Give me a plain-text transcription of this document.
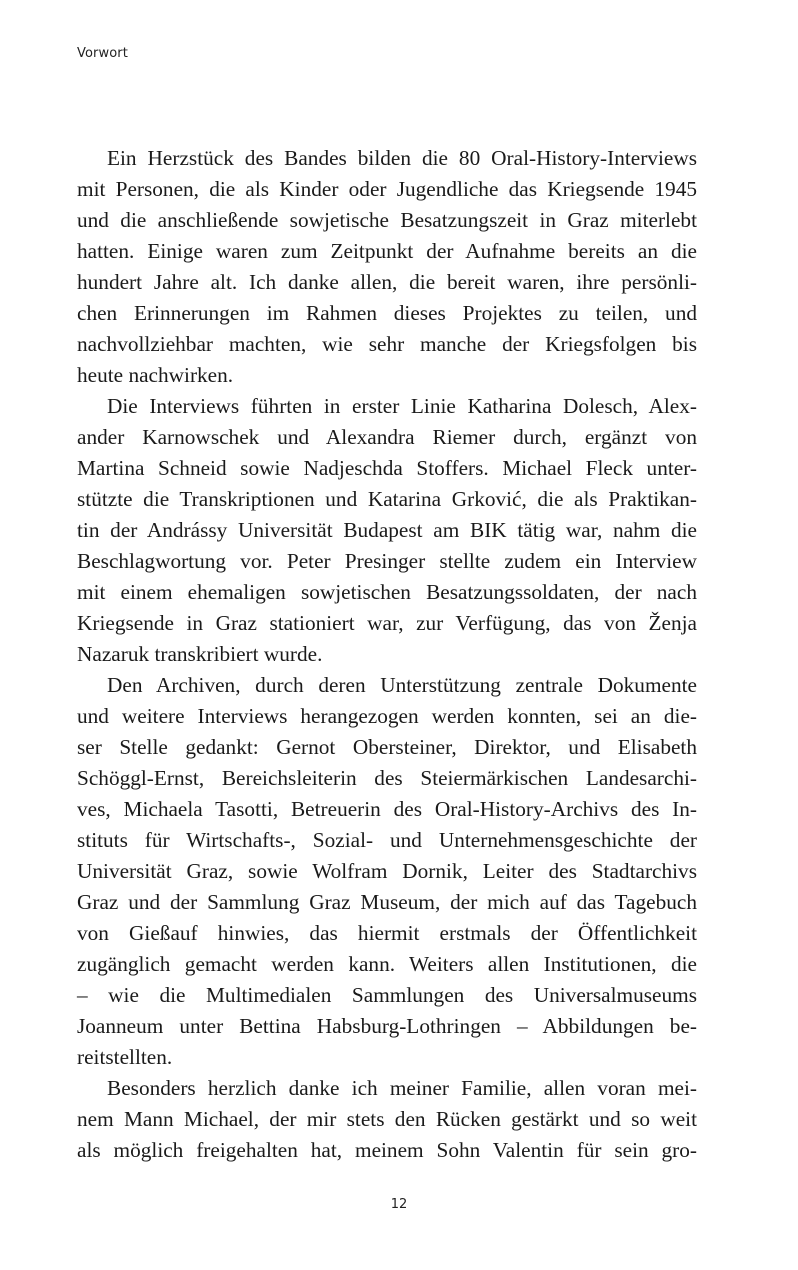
Vorwort
Ein Herzstück des Bandes bilden die 80 Oral-History-Interviews
mit Personen, die als Kinder oder Jugendliche das Kriegsende 1945
und die anschließende sowjetische Besatzungszeit in Graz miterlebt
hatten. Einige waren zum Zeitpunkt der Aufnahme bereits an die
hundert Jahre alt. Ich danke allen, die bereit waren, ihre persönli-
chen Erinnerungen im Rahmen dieses Projektes zu teilen, und
nachvollziehbar machten, wie sehr manche der Kriegsfolgen bis
heute nachwirken.
Die Interviews führten in erster Linie Katharina Dolesch, Alex-
ander Karnowschek und Alexandra Riemer durch, ergänzt von
Martina Schneid sowie Nadjeschda Stoffers. Michael Fleck unter-
stützte die Transkriptionen und Katarina Grković, die als Praktikan-
tin der Andrássy Universität Budapest am BIK tätig war, nahm die
Beschlagwortung vor. Peter Presinger stellte zudem ein Interview
mit einem ehemaligen sowjetischen Besatzungssoldaten, der nach
Kriegsende in Graz stationiert war, zur Verfügung, das von Ženja
Nazaruk transkribiert wurde.
Den Archiven, durch deren Unterstützung zentrale Dokumente
und weitere Interviews herangezogen werden konnten, sei an die-
ser Stelle gedankt: Gernot Obersteiner, Direktor, und Elisabeth
Schöggl-Ernst, Bereichsleiterin des Steiermärkischen Landesarchi-
ves, Michaela Tasotti, Betreuerin des Oral-History-Archivs des In-
stituts für Wirtschafts-, Sozial- und Unternehmensgeschichte der
Universität Graz, sowie Wolfram Dornik, Leiter des Stadtarchivs
Graz und der Sammlung Graz Museum, der mich auf das Tagebuch
von Gießauf hinwies, das hiermit erstmals der Öffentlichkeit
zugänglich gemacht werden kann. Weiters allen Institutionen, die
– wie die Multimedialen Sammlungen des Universalmuseums
Joanneum unter Bettina Habsburg-Lothringen – Abbildungen be-
reitstellten.
Besonders herzlich danke ich meiner Familie, allen voran mei-
nem Mann Michael, der mir stets den Rücken gestärkt und so weit
als möglich freigehalten hat, meinem Sohn Valentin für sein gro-
12
